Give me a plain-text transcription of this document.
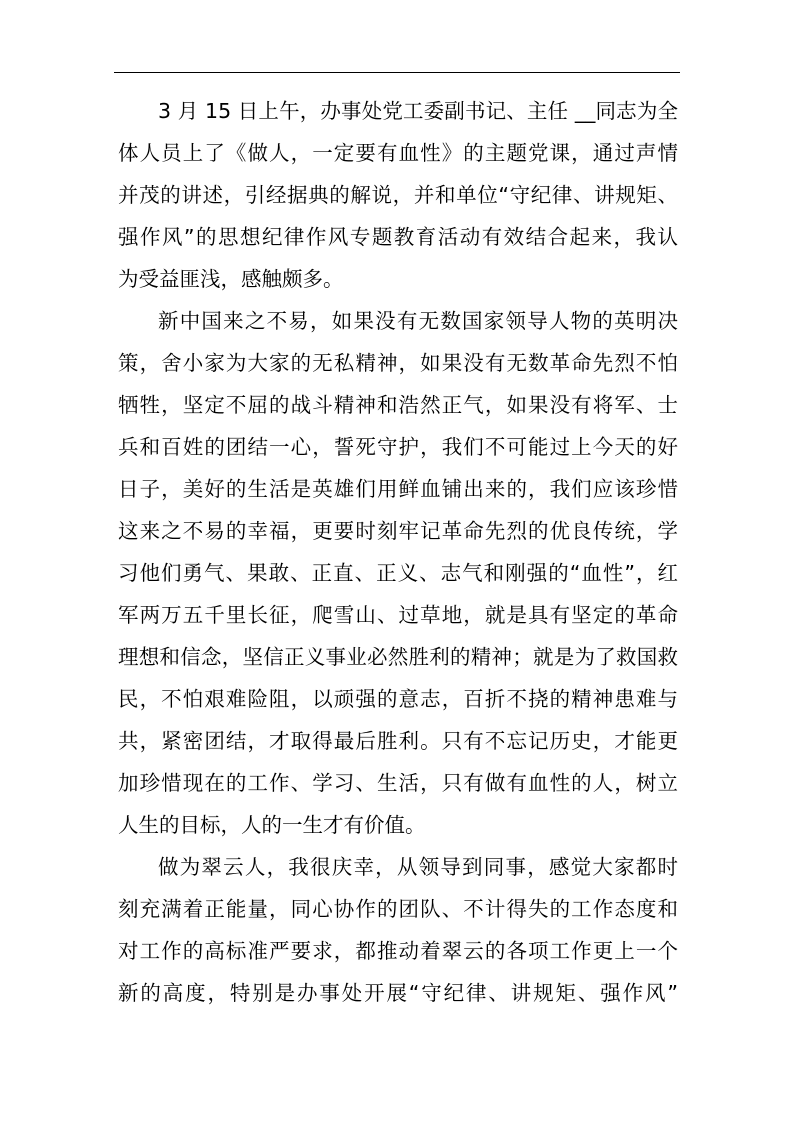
3 月 15 日上午，办事处党工委副书记、主任 __同志为全

体人员上了《做人，一定要有血性》的主题党课，通过声情

并茂的讲述，引经据典的解说，并和单位“守纪律、讲规矩、

强作风”的思想纪律作风专题教育活动有效结合起来，我认

为受益匪浅，感触颇多。

新中国来之不易，如果没有无数国家领导人物的英明决

策，舍小家为大家的无私精神，如果没有无数革命先烈不怕

牺牲，坚定不屈的战斗精神和浩然正气，如果没有将军、士

兵和百姓的团结一心，誓死守护，我们不可能过上今天的好

日子，美好的生活是英雄们用鲜血铺出来的，我们应该珍惜

这来之不易的幸福，更要时刻牢记革命先烈的优良传统，学

习他们勇气、果敢、正直、正义、志气和刚强的“血性”，红

军两万五千里长征，爬雪山、过草地，就是具有坚定的革命

理想和信念，坚信正义事业必然胜利的精神；就是为了救国救

民，不怕艰难险阻，以顽强的意志，百折不挠的精神患难与

共，紧密团结，才取得最后胜利。只有不忘记历史，才能更

加珍惜现在的工作、学习、生活，只有做有血性的人，树立

人生的目标，人的一生才有价值。

做为翠云人，我很庆幸，从领导到同事，感觉大家都时

刻充满着正能量，同心协作的团队、不计得失的工作态度和

对工作的高标准严要求，都推动着翠云的各项工作更上一个

新的高度，特别是办事处开展“守纪律、讲规矩、强作风”
